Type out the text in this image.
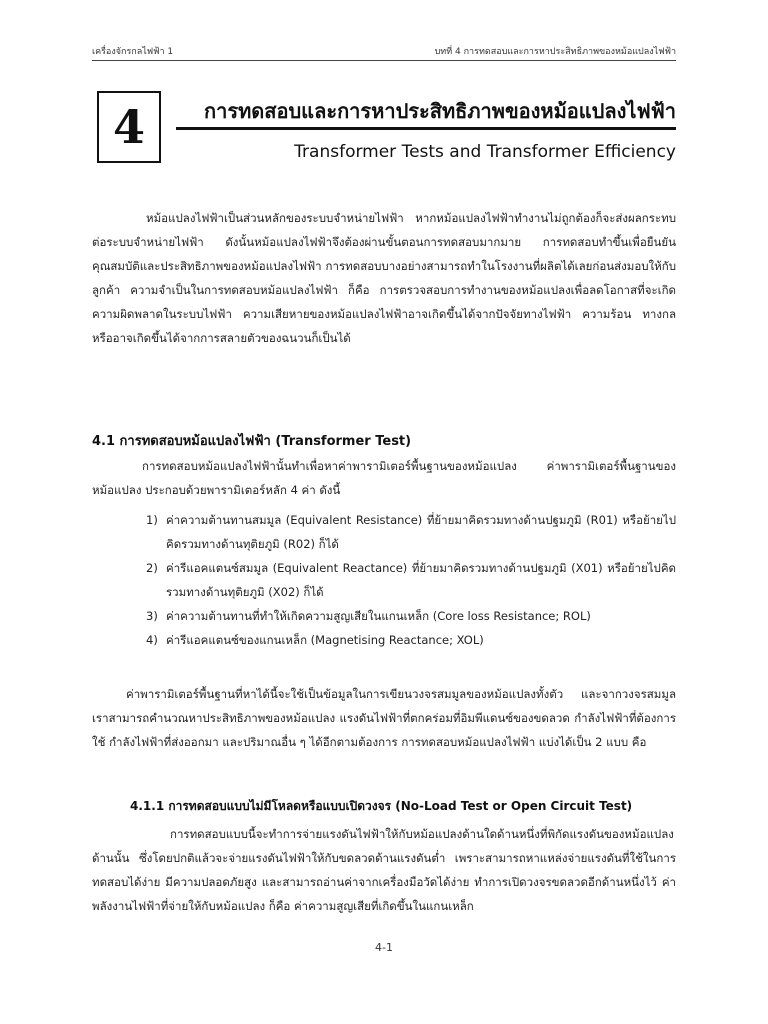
เครื่องจักรกลไฟฟ้า 1	บทที่ 4 การทดสอบและการหาประสิทธิภาพของหม้อแปลงไฟฟ้า
4	การทดสอบและการหาประสิทธิภาพของหม้อแปลงไฟฟ้า
Transformer Tests and Transformer Efficiency

หม้อแปลงไฟฟ้าเป็นส่วนหลักของระบบจำหน่ายไฟฟ้า หากหม้อแปลงไฟฟ้าทำงานไม่ถูกต้องก็จะส่งผลกระทบต่อระบบจำหน่ายไฟฟ้า ดังนั้นหม้อแปลงไฟฟ้าจึงต้องผ่านขั้นตอนการทดสอบมากมาย การทดสอบทำขึ้นเพื่อยืนยันคุณสมบัติและประสิทธิภาพของหม้อแปลงไฟฟ้า การทดสอบบางอย่างสามารถทำในโรงงานที่ผลิตได้เลยก่อนส่งมอบให้กับลูกค้า ความจำเป็นในการทดสอบหม้อแปลงไฟฟ้า ก็คือ การตรวจสอบการทำงานของหม้อแปลงเพื่อลดโอกาสที่จะเกิดความผิดพลาดในระบบไฟฟ้า ความเสียหายของหม้อแปลงไฟฟ้าอาจเกิดขึ้นได้จากปัจจัยทางไฟฟ้า ความร้อน ทางกล หรืออาจเกิดขึ้นได้จากการสลายตัวของฉนวนก็เป็นได้

4.1 การทดสอบหม้อแปลงไฟฟ้า (Transformer Test)

การทดสอบหม้อแปลงไฟฟ้านั้นทำเพื่อหาค่าพารามิเตอร์พื้นฐานของหม้อแปลง ค่าพารามิเตอร์พื้นฐานของหม้อแปลง ประกอบด้วยพารามิเตอร์หลัก 4 ค่า ดังนี้

1) ค่าความต้านทานสมมูล (Equivalent Resistance) ที่ย้ายมาคิดรวมทางด้านปฐมภูมิ (R01) หรือย้ายไปคิดรวมทางด้านทุติยภูมิ (R02) ก็ได้
2) ค่ารีแอคแตนซ์สมมูล (Equivalent Reactance) ที่ย้ายมาคิดรวมทางด้านปฐมภูมิ (X01) หรือย้ายไปคิดรวมทางด้านทุติยภูมิ (X02) ก็ได้
3) ค่าความต้านทานที่ทำให้เกิดความสูญเสียในแกนเหล็ก (Core loss Resistance; ROL)
4) ค่ารีแอคแตนซ์ของแกนเหล็ก (Magnetising Reactance; XOL)

ค่าพารามิเตอร์พื้นฐานที่หาได้นี้จะใช้เป็นข้อมูลในการเขียนวงจรสมมูลของหม้อแปลงทั้งตัว และจากวงจรสมมูลเราสามารถคำนวณหาประสิทธิภาพของหม้อแปลง แรงดันไฟฟ้าที่ตกคร่อมที่อิมพีแดนซ์ของขดลวด กำลังไฟฟ้าที่ต้องการใช้ กำลังไฟฟ้าที่ส่งออกมา และปริมาณอื่น ๆ ได้อีกตามต้องการ การทดสอบหม้อแปลงไฟฟ้า แบ่งได้เป็น 2 แบบ คือ

4.1.1 การทดสอบแบบไม่มีโหลดหรือแบบเปิดวงจร (No-Load Test or Open Circuit Test)

การทดสอบแบบนี้จะทำการจ่ายแรงดันไฟฟ้าให้กับหม้อแปลงด้านใดด้านหนึ่งที่พิกัดแรงดันของหม้อแปลงด้านนั้น ซึ่งโดยปกติแล้วจะจ่ายแรงดันไฟฟ้าให้กับขดลวดด้านแรงดันต่ำ เพราะสามารถหาแหล่งจ่ายแรงดันที่ใช้ในการทดสอบได้ง่าย มีความปลอดภัยสูง และสามารถอ่านค่าจากเครื่องมือวัดได้ง่าย ทำการเปิดวงจรขดลวดอีกด้านหนึ่งไว้ ค่าพลังงานไฟฟ้าที่จ่ายให้กับหม้อแปลง ก็คือ ค่าความสูญเสียที่เกิดขึ้นในแกนเหล็ก

4-1
